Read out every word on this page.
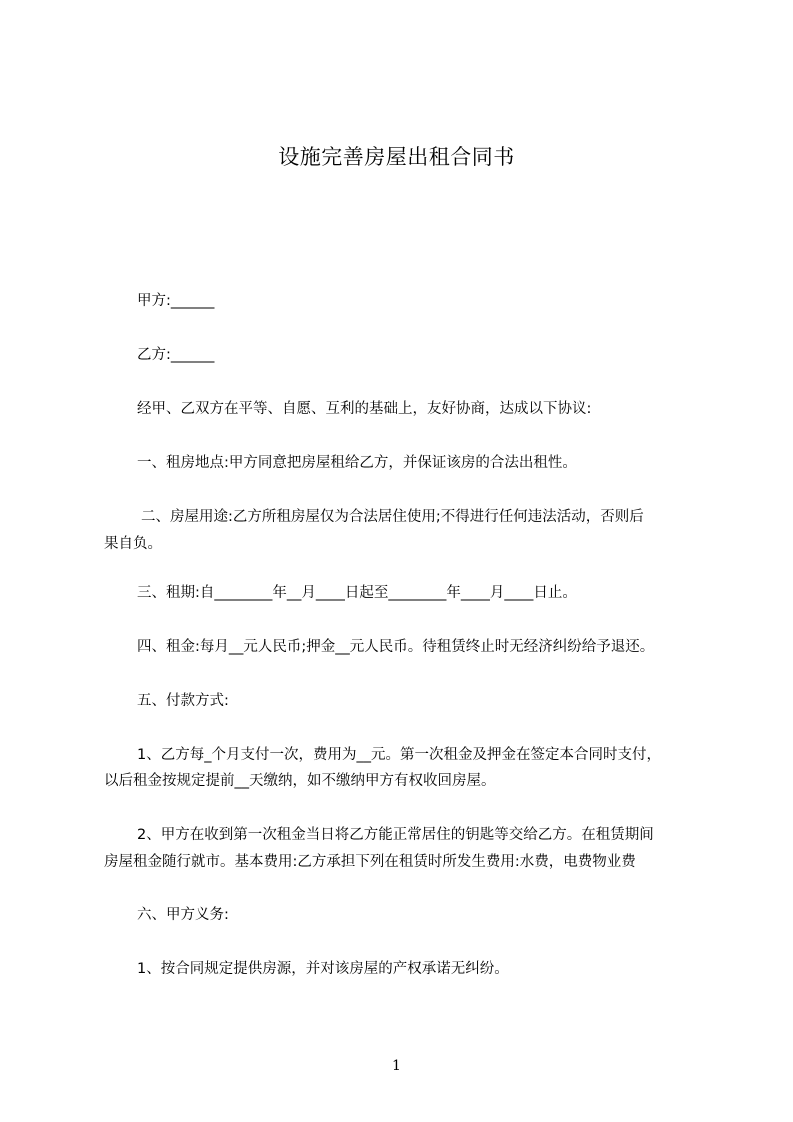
设施完善房屋出租合同书
甲方:______
乙方:______
经甲、乙双方在平等、自愿、互利的基础上，友好协商，达成以下协议:
一、租房地点:甲方同意把房屋租给乙方，并保证该房的合法出租性。
二、房屋用途:乙方所租房屋仅为合法居住使用;不得进行任何违法活动，否则后
果自负。
三、租期:自________年__月____日起至________年____月____日止。
四、租金:每月__元人民币;押金__元人民币。待租赁终止时无经济纠纷给予退还。
五、付款方式:
1、乙方每_个月支付一次，费用为__元。第一次租金及押金在签定本合同时支付，
以后租金按规定提前__天缴纳，如不缴纳甲方有权收回房屋。
2、甲方在收到第一次租金当日将乙方能正常居住的钥匙等交给乙方。在租赁期间
房屋租金随行就市。基本费用:乙方承担下列在租赁时所发生费用:水费，电费物业费
六、甲方义务:
1、按合同规定提供房源，并对该房屋的产权承诺无纠纷。
1
